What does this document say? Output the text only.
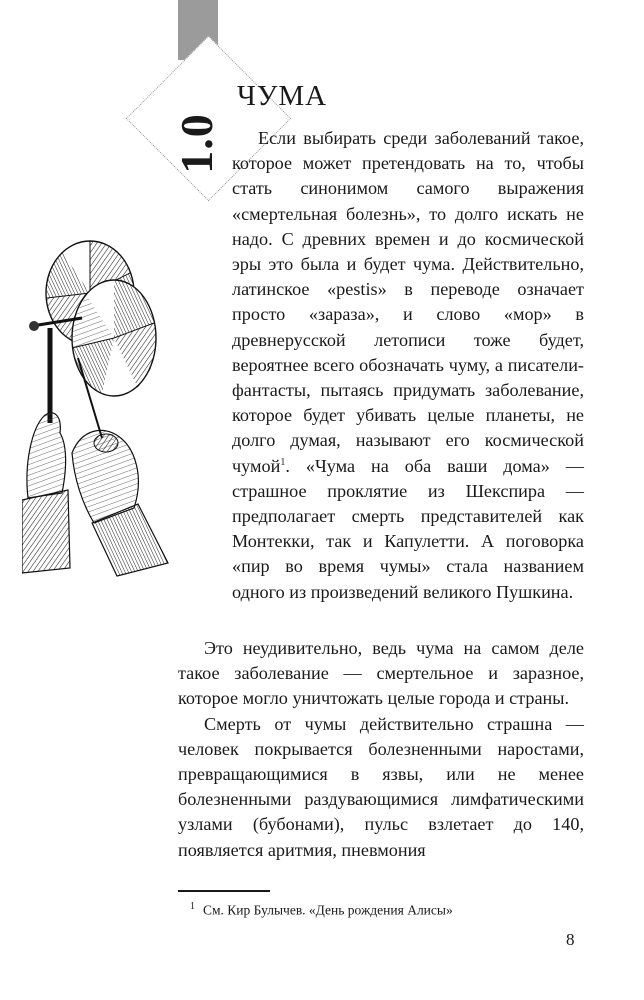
1.0
ЧУМА

Если выбирать среди заболеваний такое, которое может претендовать на то, чтобы стать синонимом самого выражения «смертельная болезнь», то долго искать не надо. С древних времен и до космической эры это была и будет чума. Действительно, латинское «pestis» в переводе означает просто «зараза», и слово «мор» в древнерусской летописи тоже будет, вероятнее всего обозначать чуму, а писатели-фантасты, пытаясь придумать заболевание, которое будет убивать целые планеты, не долго думая, называют его космической чумой$^1$. «Чума на оба ваши дома» — страшное проклятие из Шекспира — предполагает смерть представителей как Монтекки, так и Капулетти. А поговорка «пир во время чумы» стала названием одного из произведений великого Пушкина.

Это неудивительно, ведь чума на самом деле такое заболевание — смертельное и заразное, которое могло уничтожать целые города и страны.

Смерть от чумы действительно страшна — человек покрывается болезненными наростами, превращающимися в язвы, или не менее болезненными раздувающимися лимфатическими узлами (бубонами), пульс взлетает до 140, появляется аритмия, пневмония

$^1$ См. Кир Булычев. «День рождения Алисы»
8
